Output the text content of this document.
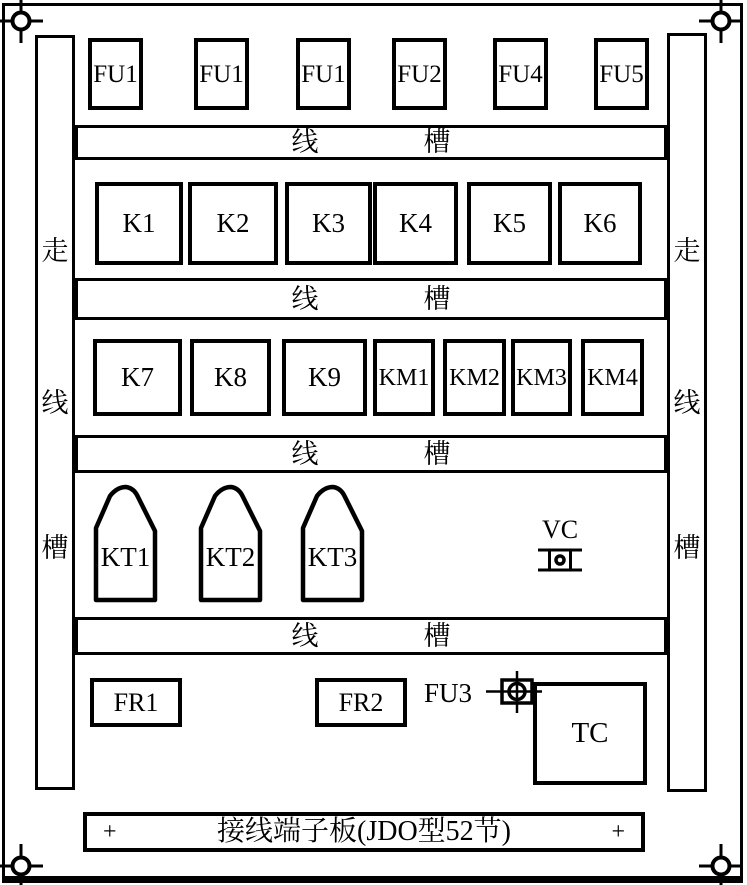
走
线
槽
走
线
槽
FU1 FU1 FU1 FU2 FU4 FU5
线	槽
K1 K2 K3 K4 K5 K6
线	槽
K7 K8 K9 KM1 KM2 KM3 KM4
线	槽
KT1 KT2 KT3
VC
线	槽
FR1	FR2
TC
FU3
+	接线端子板(JDO型52节)	+
